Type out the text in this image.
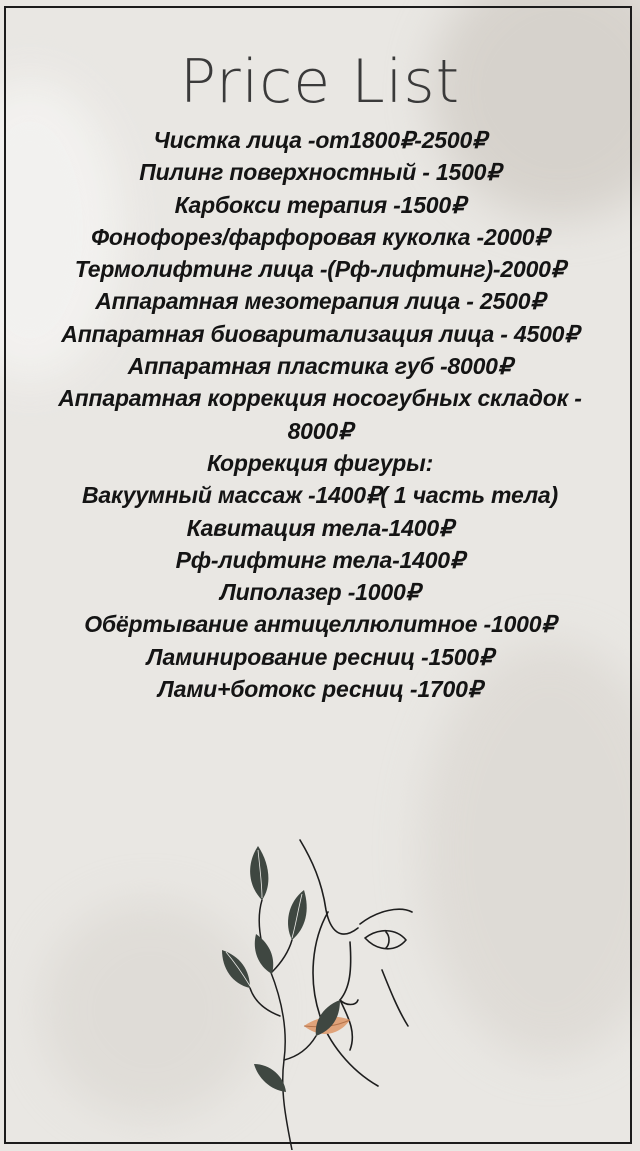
Price List
Чистка лица -от1800₽-2500₽
Пилинг поверхностный - 1500₽
Карбокси терапия -1500₽
Фонофорез/фарфоровая куколка -2000₽
Термолифтинг лица -(Рф-лифтинг)-2000₽
Аппаратная мезотерапия лица - 2500₽
Аппаратная биоваритализация лица - 4500₽
Аппаратная пластика губ -8000₽
Аппаратная коррекция носогубных складок - 8000₽
Коррекция фигуры:
Вакуумный массаж -1400₽( 1 часть тела)
Кавитация тела-1400₽
Рф-лифтинг тела-1400₽
Липолазер -1000₽
Обёртывание антицеллюлитное -1000₽
Ламинирование ресниц -1500₽
Лами+ботокс ресниц -1700₽
